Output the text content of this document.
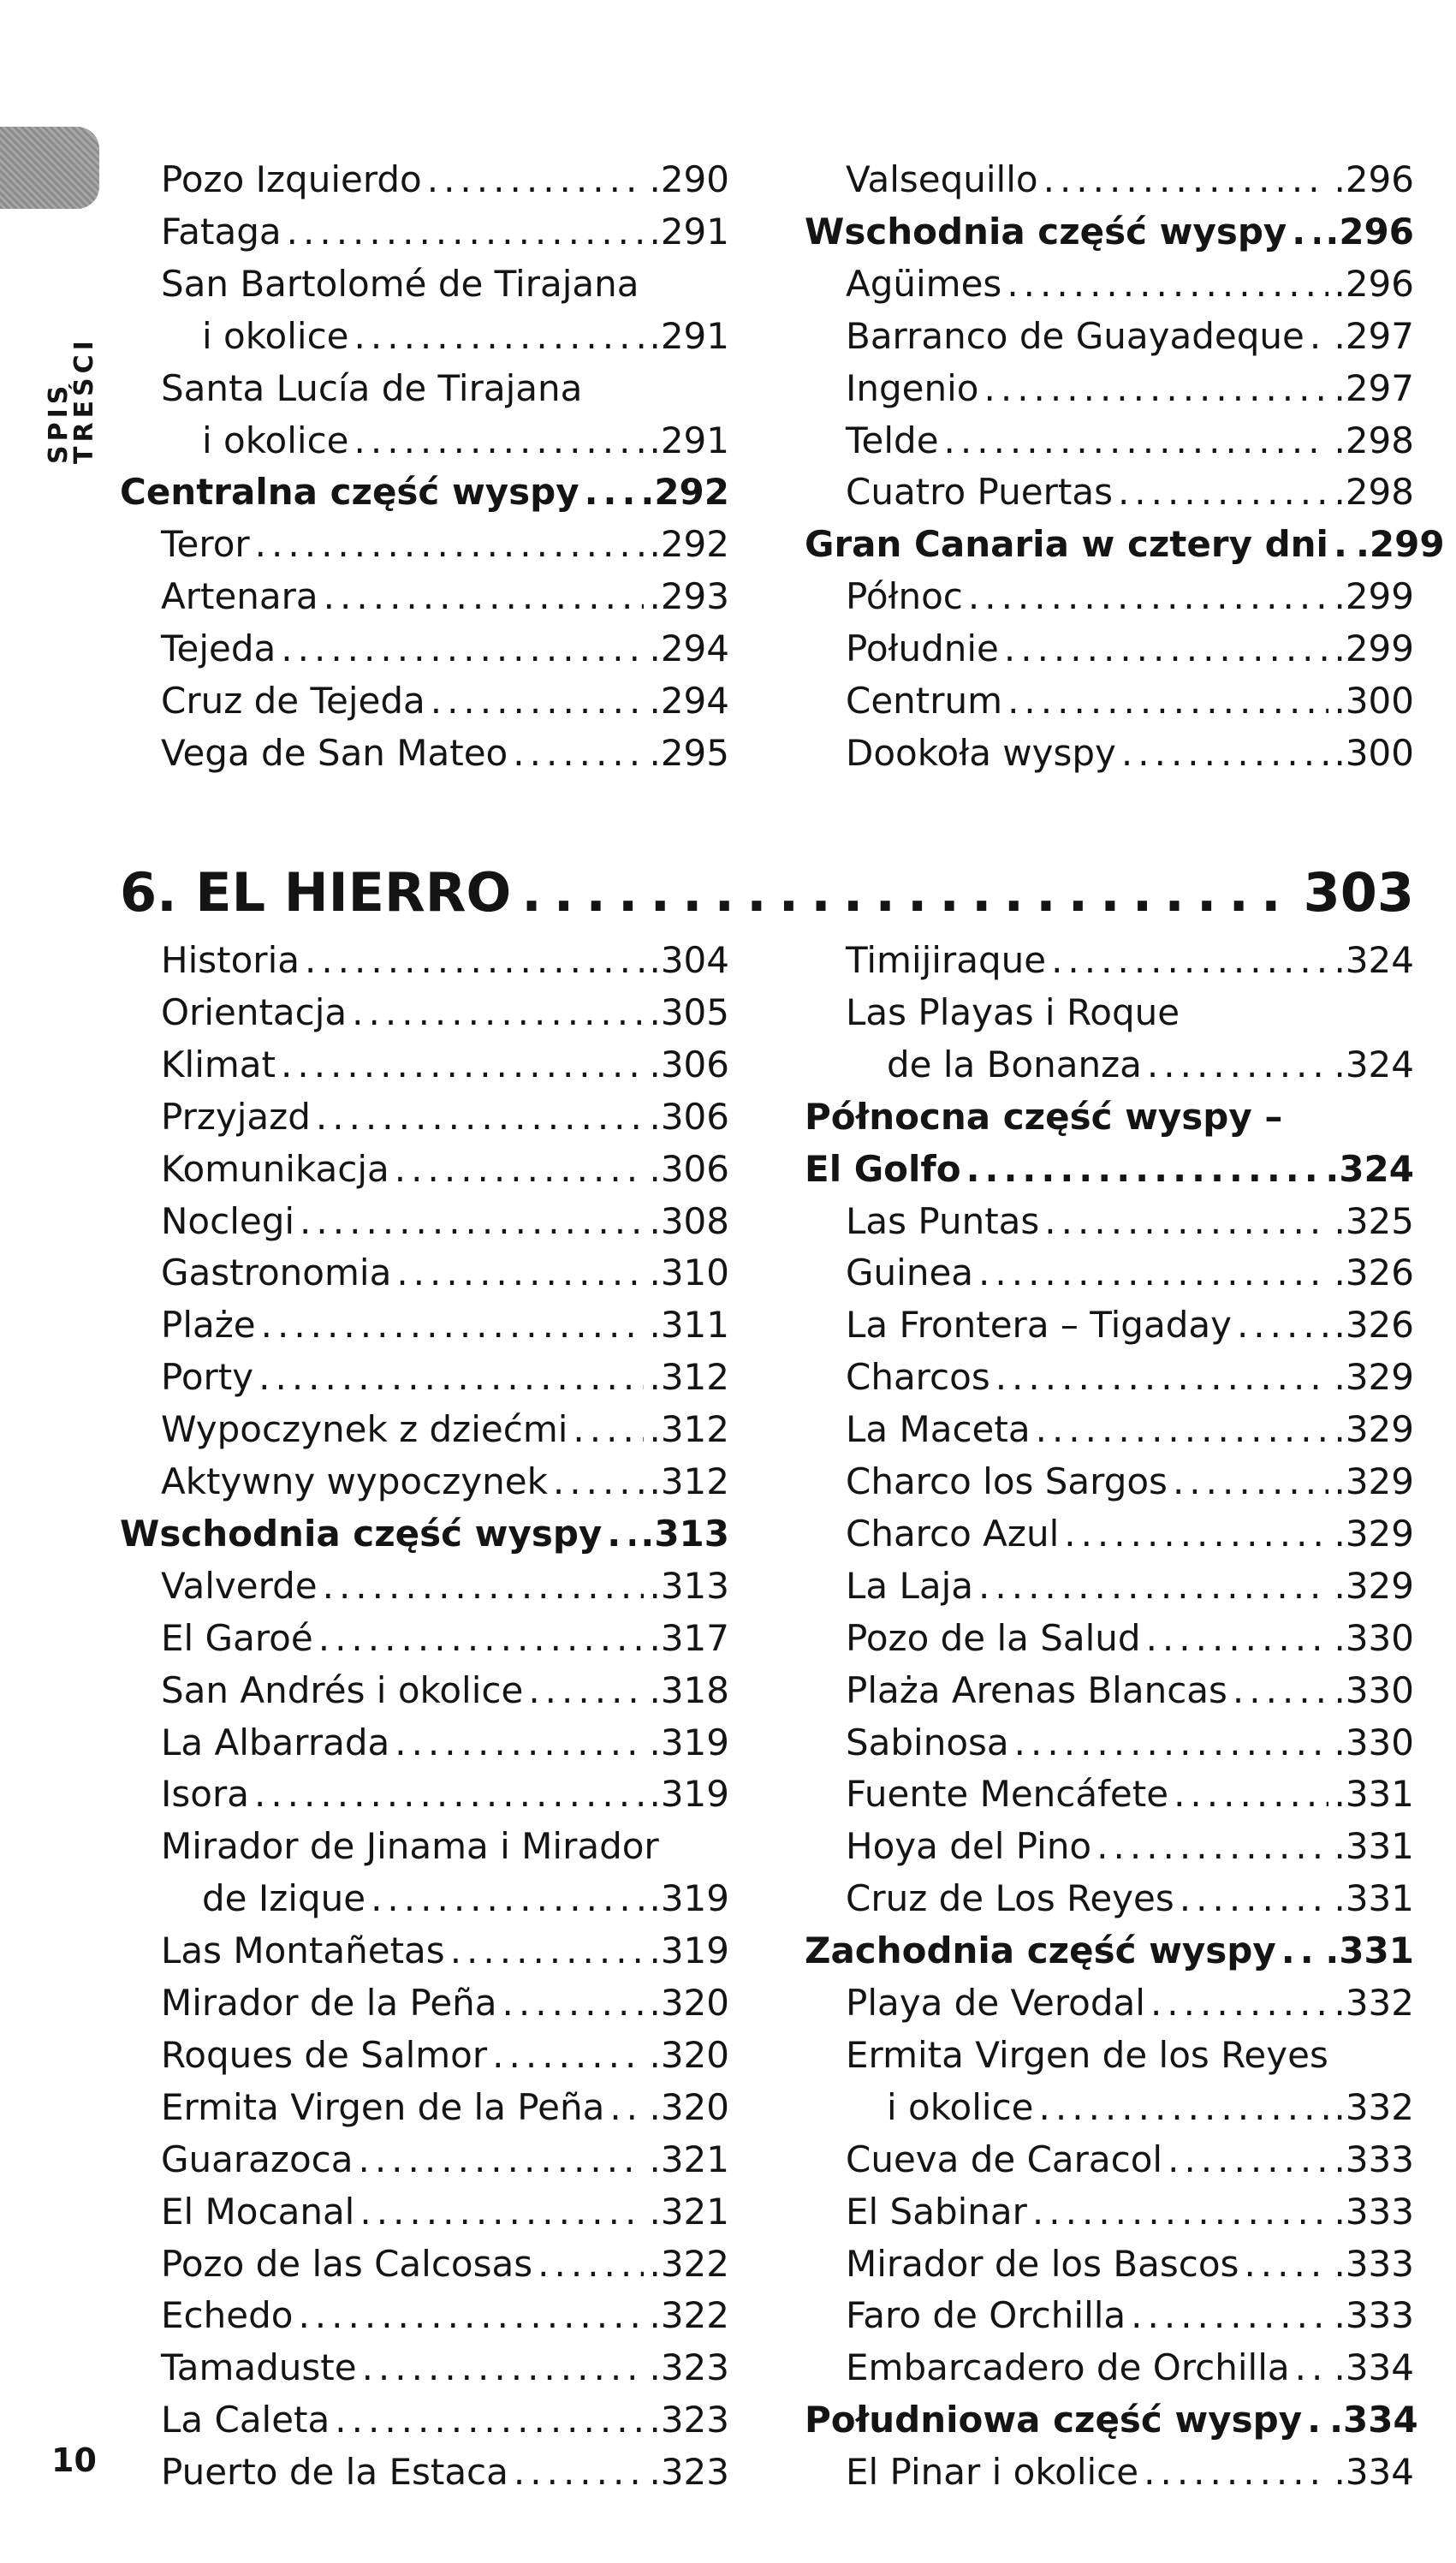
SPIS TREŚCI
Pozo Izquierdo .....	.290
Fataga .....	.291
San Bartolomé de Tirajana
i okolice .....	.291
Santa Lucía de Tirajana
i okolice .....	.291
Centralna część wyspy ..... .292
Teror .....	.292
Artenara .....	.293
Tejeda .....	.294
Cruz de Tejeda .....	.294
Vega de San Mateo .....	.295
Valsequillo .....	.296
Wschodnia część wyspy ..... .296
Agüimes .....	.296
Barranco de Guayadeque ..... .297
Ingenio .....	.297
Telde .....	.298
Cuatro Puertas .....	.298
Gran Canaria w cztery dni ..... .299
Północ .....	.299
Południe .....	.299
Centrum .....	.300
Dookoła wyspy .....	.300
6. EL HIERRO .....	303
Historia .....	.304
Orientacja .....	.305
Klimat .....	.306
Przyjazd .....	.306
Komunikacja .....	.306
Noclegi .....	.308
Gastronomia .....	.310
Plaże .....	.311
Porty .....	.312
Wypoczynek z dziećmi ..... .312
Aktywny wypoczynek .....	.312
Wschodnia część wyspy ..... .313
Valverde .....	.313
El Garoé .....	.317
San Andrés i okolice .....	.318
La Albarrada .....	.319
Isora .....	.319
Mirador de Jinama i Mirador
de Izique .....	.319
Las Montañetas .....	.319
Mirador de la Peña .....	.320
Roques de Salmor .....	.320
Ermita Virgen de la Peña ..... .320
Guarazoca .....	.321
El Mocanal .....	.321
Pozo de las Calcosas .....	.322
Echedo .....	.322
Tamaduste .....	.323
La Caleta .....	.323
Puerto de la Estaca .....	.323
Timijiraque .....	.324
Las Playas i Roque
de la Bonanza .....	.324
Północna część wyspy –
El Golfo .....	.324
Las Puntas .....	.325
Guinea .....	.326
La Frontera – Tigaday .....	.326
Charcos .....	.329
La Maceta .....	.329
Charco los Sargos .....	.329
Charco Azul .....	.329
La Laja .....	.329
Pozo de la Salud .....	.330
Plaża Arenas Blancas .....	.330
Sabinosa .....	.330
Fuente Mencáfete .....	.331
Hoya del Pino .....	.331
Cruz de Los Reyes .....	.331
Zachodnia część wyspy ..... .331
Playa de Verodal .....	.332
Ermita Virgen de los Reyes
i okolice .....	.332
Cueva de Caracol .....	.333
El Sabinar .....	.333
Mirador de los Bascos .....	.333
Faro de Orchilla .....	.333
Embarcadero de Orchilla ..... .334
Południowa część wyspy ..... .334
El Pinar i okolice .....	.334
10
